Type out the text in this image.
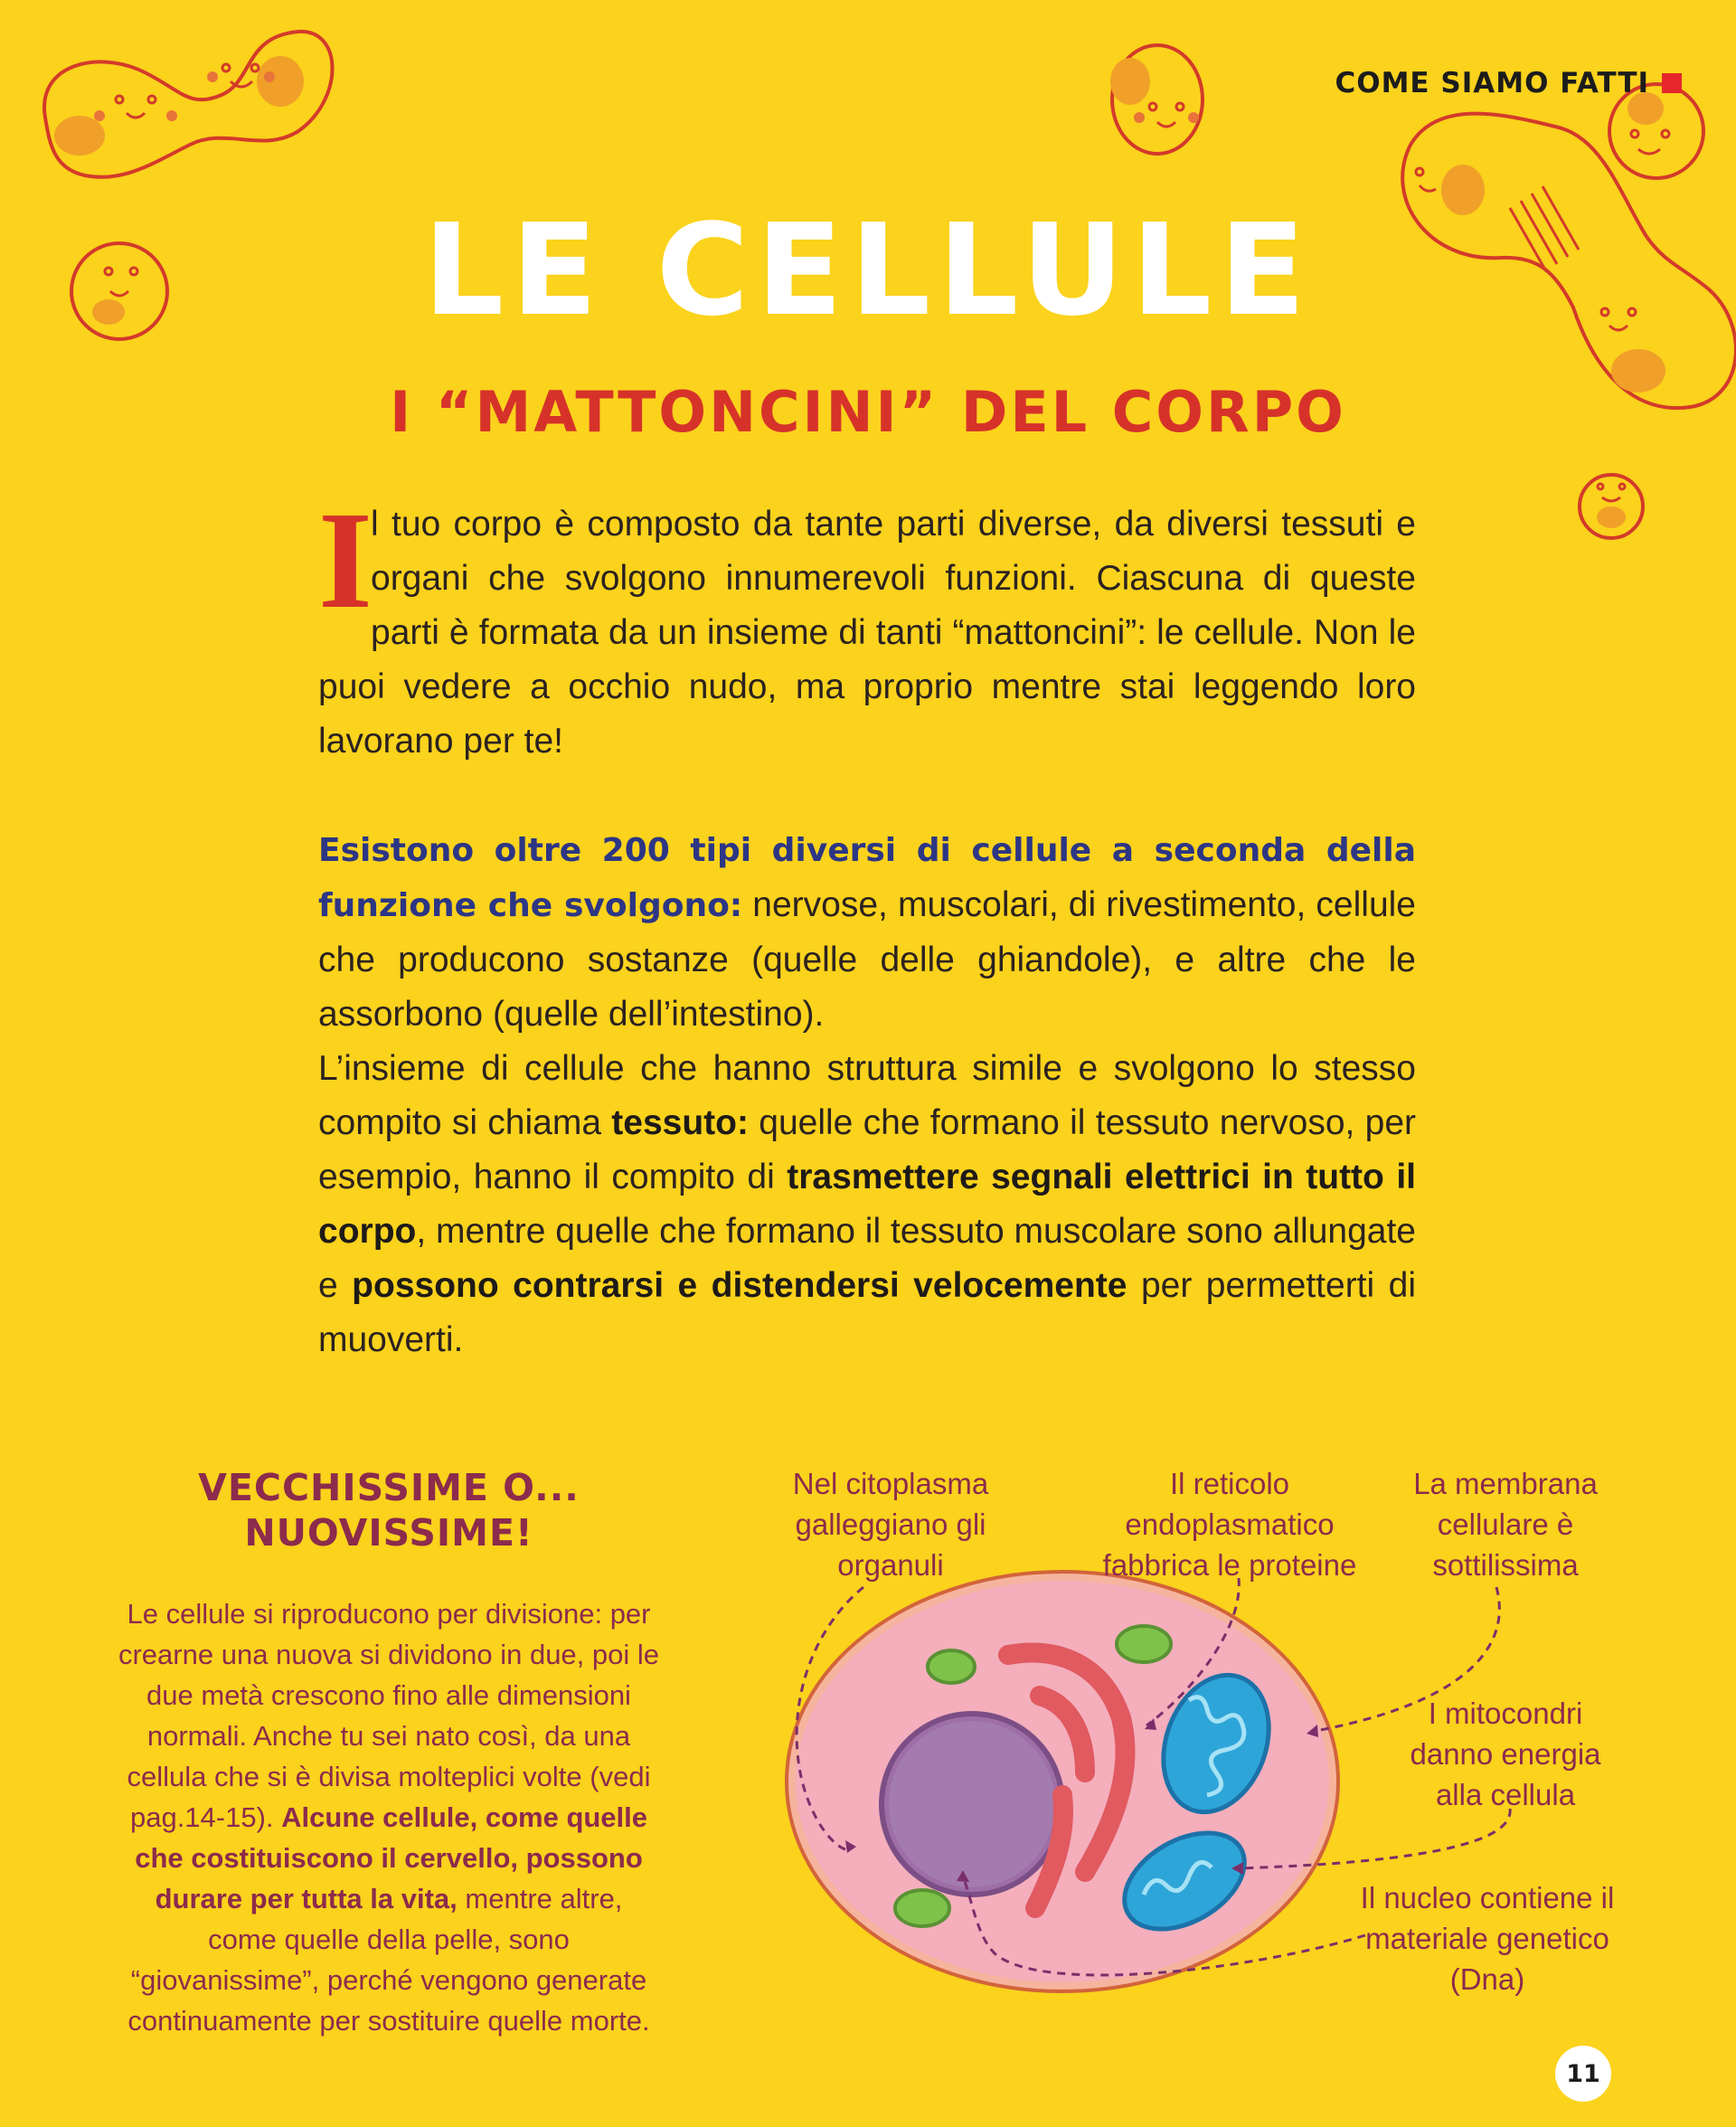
COME SIAMO FATTI
LE CELLULE
I “MATTONCINI” DEL CORPO
I
l tuo corpo è composto da tante parti diverse, da diversi tessuti e organi che svolgono innumerevoli funzioni. Ciascuna di queste parti è formata da un insieme di tanti “mattoncini”: le cellule. Non le puoi vedere a occhio nudo, ma proprio mentre stai leggendo loro lavorano per te!

Esistono oltre 200 tipi diversi di cellule a seconda della funzione che svolgono: nervose, muscolari, di rivestimento, cellule che producono sostanze (quelle delle ghiandole), e altre che le assorbono (quelle dell’intestino).

L’insieme di cellule che hanno struttura simile e svolgono lo stesso compito si chiama tessuto: quelle che formano il tessuto nervoso, per esempio, hanno il compito di trasmettere segnali elettrici in tutto il corpo, mentre quelle che formano il tessuto muscolare sono allungate e possono contrarsi e distendersi velocemente per permetterti di muoverti.

VECCHISSIME O...
NUOVISSIME!
Le cellule si riproducono per divisione: per crearne una nuova si dividono in due, poi le due metà crescono fino alle dimensioni normali. Anche tu sei nato così, da una cellula che si è divisa molteplici volte (vedi pag.14-15). Alcune cellule, come quelle che costituiscono il cervello, possono durare per tutta la vita, mentre altre, come quelle della pelle, sono “giovanissime”, perché vengono generate continuamente per sostituire quelle morte.
Nel citoplasma
galleggiano gli
organuli
Il reticolo
endoplasmatico
fabbrica le proteine
La membrana
cellulare è
sottilissima
I mitocondri
danno energia
alla cellula
Il nucleo contiene il
materiale genetico
(Dna)
11
